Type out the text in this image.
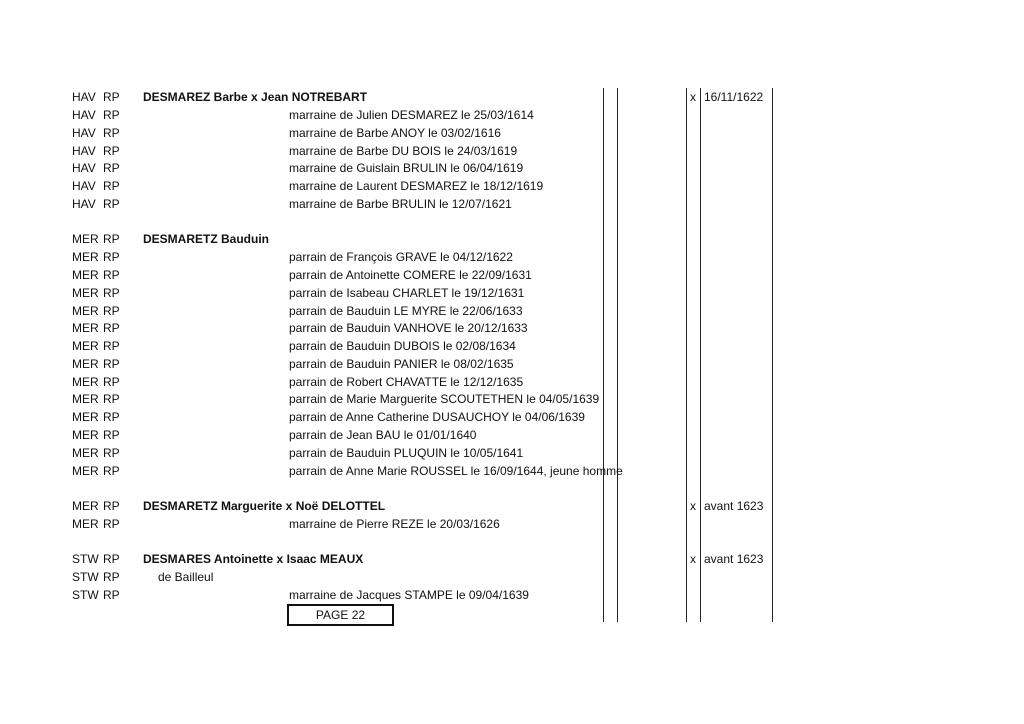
HAV RP DESMAREZ Barbe x Jean NOTREBART	x 16/11/1622
HAV RP	marraine de Julien DESMAREZ le 25/03/1614
HAV RP	marraine de Barbe ANOY le 03/02/1616
HAV RP	marraine de Barbe DU BOIS le 24/03/1619
HAV RP	marraine de Guislain BRULIN le 06/04/1619
HAV RP	marraine de Laurent DESMAREZ le 18/12/1619
HAV RP	marraine de Barbe BRULIN le 12/07/1621
MER RP DESMARETZ Bauduin
MER RP	parrain de François GRAVE le 04/12/1622
MER RP	parrain de Antoinette COMERE le 22/09/1631
MER RP	parrain de Isabeau CHARLET le 19/12/1631
MER RP	parrain de Bauduin LE MYRE le 22/06/1633
MER RP	parrain de Bauduin VANHOVE le 20/12/1633
MER RP	parrain de Bauduin DUBOIS le 02/08/1634
MER RP	parrain de Bauduin PANIER le 08/02/1635
MER RP	parrain de Robert CHAVATTE le 12/12/1635
MER RP	parrain de Marie Marguerite SCOUTETHEN le 04/05/1639
MER RP	parrain de Anne Catherine DUSAUCHOY le 04/06/1639
MER RP	parrain de Jean BAU le 01/01/1640
MER RP	parrain de Bauduin PLUQUIN le 10/05/1641
MER RP	parrain de Anne Marie ROUSSEL le 16/09/1644, jeune homme
MER RP DESMARETZ Marguerite x Noë DELOTTEL	x avant 1623
MER RP	marraine de Pierre REZE le 20/03/1626
STW RP DESMARES Antoinette x Isaac MEAUX	x avant 1623
STW RP	de Bailleul
STW RP	marraine de Jacques STAMPE le 09/04/1639
PAGE 22
